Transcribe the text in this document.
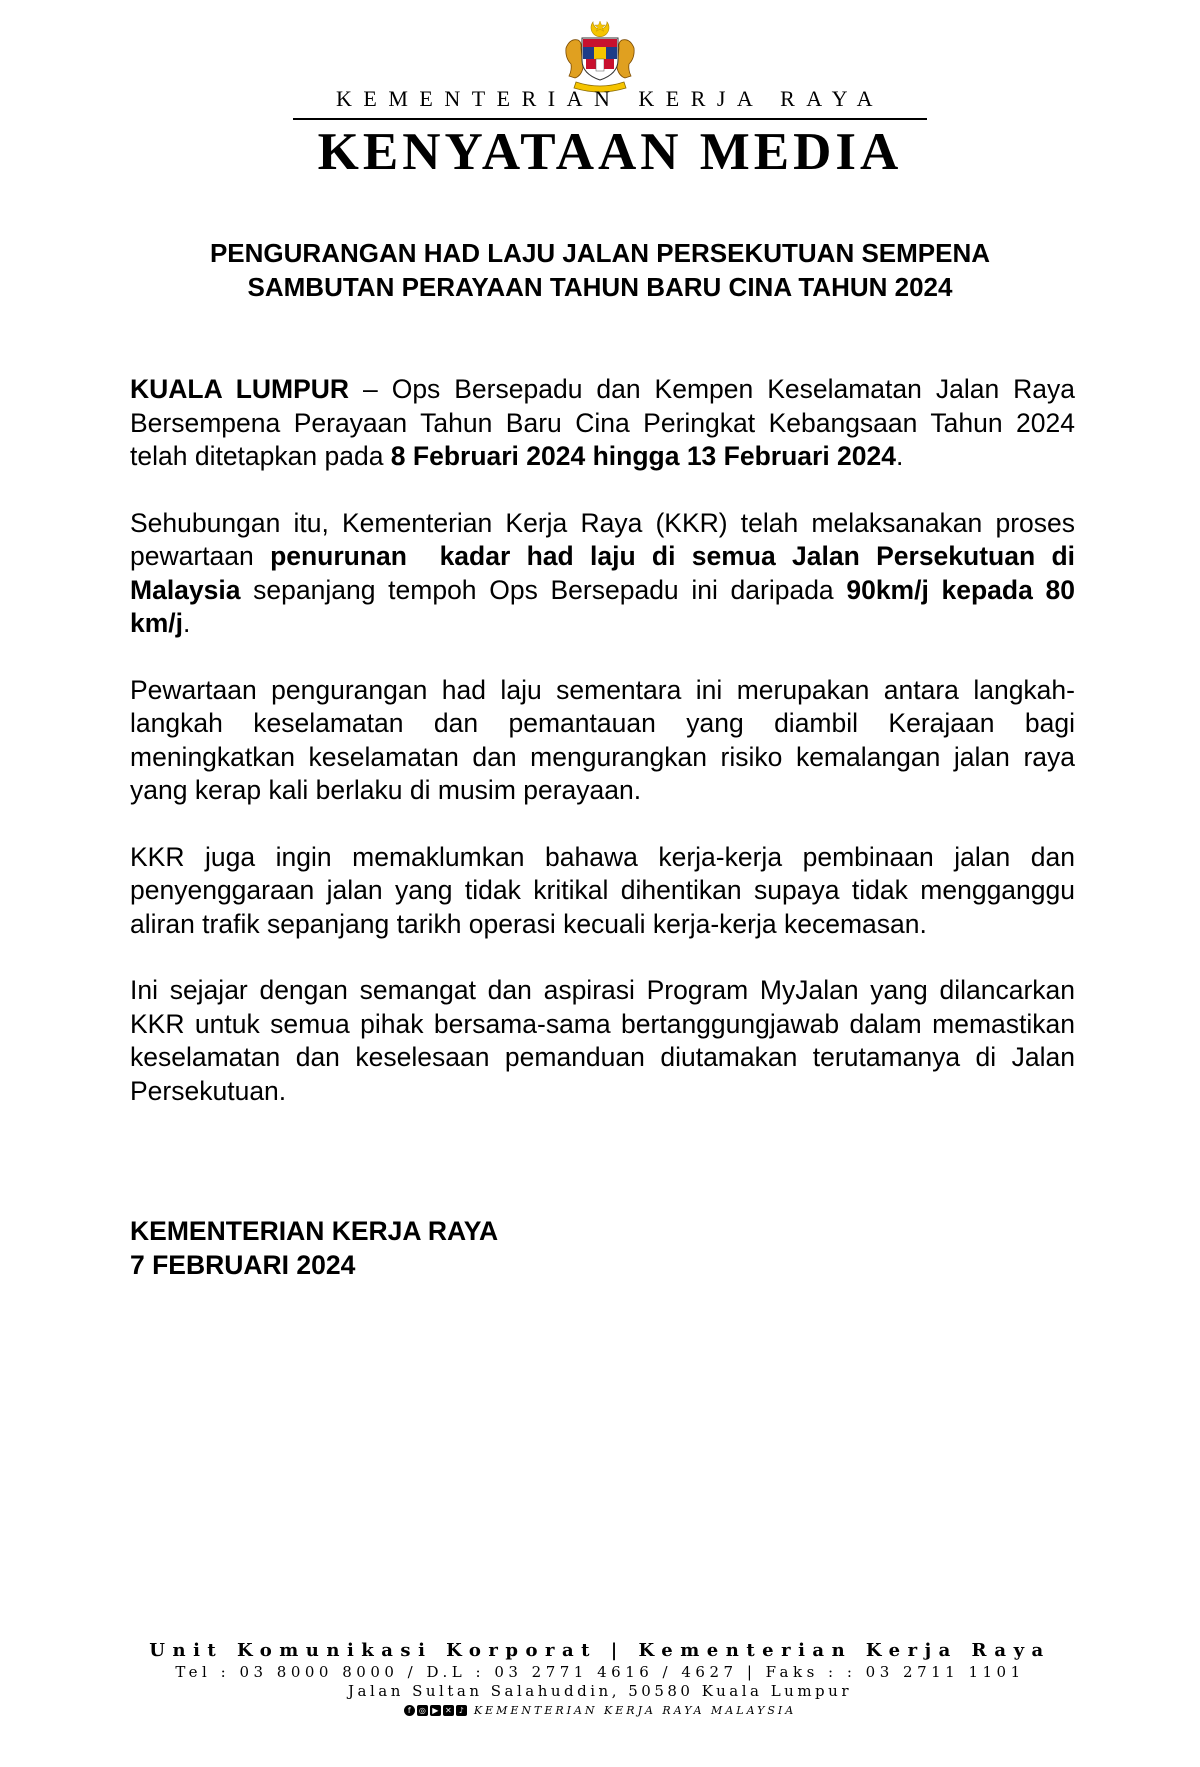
KEMENTERIAN KERJA RAYA
KENYATAAN MEDIA
PENGURANGAN HAD LAJU JALAN PERSEKUTUAN SEMPENA
SAMBUTAN PERAYAAN TAHUN BARU CINA TAHUN 2024

KUALA LUMPUR – Ops Bersepadu dan Kempen Keselamatan Jalan Raya Bersempena Perayaan Tahun Baru Cina Peringkat Kebangsaan Tahun 2024 telah ditetapkan pada 8 Februari 2024 hingga 13 Februari 2024.

Sehubungan itu, Kementerian Kerja Raya (KKR) telah melaksanakan proses pewartaan penurunan  kadar had laju di semua Jalan Persekutuan di Malaysia sepanjang tempoh Ops Bersepadu ini daripada 90km/j kepada 80 km/j.

Pewartaan pengurangan had laju sementara ini merupakan antara langkah-langkah keselamatan dan pemantauan yang diambil Kerajaan bagi meningkatkan keselamatan dan mengurangkan risiko kemalangan jalan raya yang kerap kali berlaku di musim perayaan.

KKR juga ingin memaklumkan bahawa kerja-kerja pembinaan jalan dan penyenggaraan jalan yang tidak kritikal dihentikan supaya tidak mengganggu aliran trafik sepanjang tarikh operasi kecuali kerja-kerja kecemasan.

Ini sejajar dengan semangat dan aspirasi Program MyJalan yang dilancarkan KKR untuk semua pihak bersama-sama bertanggungjawab dalam memastikan keselamatan dan keselesaan pemanduan diutamakan terutamanya di Jalan Persekutuan.

KEMENTERIAN KERJA RAYA
7 FEBRUARI 2024
Unit Komunikasi Korporat | Kementerian Kerja Raya
Tel : 03 8000 8000 / D.L : 03 2771 4616 / 4627 | Faks : : 03 2711 1101
Jalan Sultan Salahuddin, 50580 Kuala Lumpur
f	◎ ▶ ✕ ♪ KEMENTERIAN KERJA RAYA MALAYSIA
